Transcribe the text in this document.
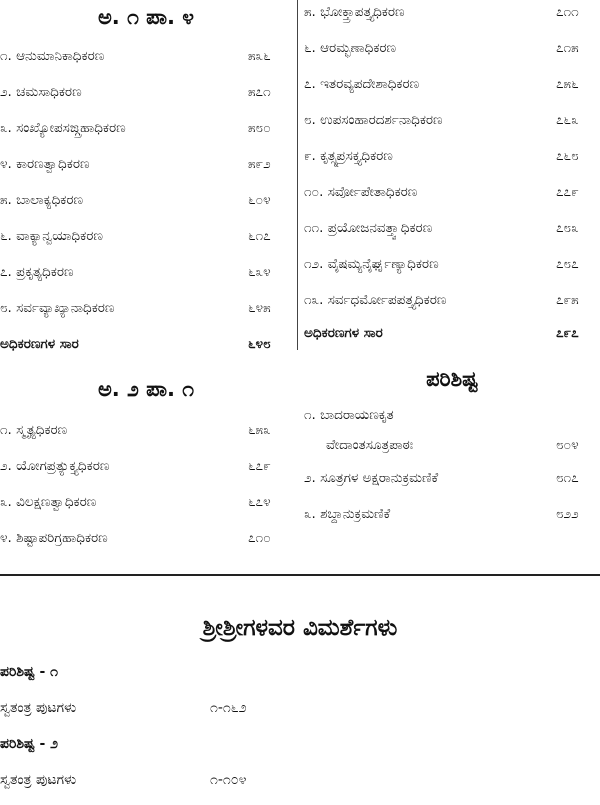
ಅ. ೧ ಪಾ. ೪
೧. ಆನುಮಾನಿಕಾಧಿಕರಣ	೫೩೬
೨. ಚಮಸಾಧಿಕರಣ	೫೭೧
೩. ಸಂಖ್ಯೋಪಸಙ್ಗ್ರಹಾಧಿಕರಣ	೫೮೦
೪. ಕಾರಣತ್ವಾಧಿಕರಣ	೫೯೨
೫. ಬಾಲಾಕ್ಯಧಿಕರಣ	೬೦೪
೬. ವಾಕ್ಯಾನ್ವಯಾಧಿಕರಣ	೬೧೭
೭. ಪ್ರಕೃತ್ಯಧಿಕರಣ	೬೩೪
೮. ಸರ್ವವ್ಯಾಖ್ಯಾನಾಧಿಕರಣ	೬೪೫
ಅಧಿಕರಣಗಳ ಸಾರ	೬೪೮
ಅ. ೨ ಪಾ. ೧
೧. ಸ್ಮೃತ್ಯಧಿಕರಣ	೬೫೩
೨. ಯೋಗಪ್ರತ್ಯುಕ್ತ್ಯಧಿಕರಣ	೬೭೯
೩. ವಿಲಕ್ಷಣತ್ವಾಧಿಕರಣ	೬೭೪
೪. ಶಿಷ್ಟಾಪರಿಗ್ರಹಾಧಿಕರಣ	೭೧೦
೫. ಭೋಕ್ತ್ರಾಪತ್ತ್ಯಧಿಕರಣ	೭೧೧
೬. ಆರಮ್ಭಣಾಧಿಕರಣ	೭೧೫
೭. ಇತರವ್ಯಪದೇಶಾಧಿಕರಣ	೭೫೬
೮. ಉಪಸಂಹಾರದರ್ಶನಾಧಿಕರಣ	೭೬೩
೯. ಕೃತ್ಸ್ನಪ್ರಸಕ್ತ್ಯಧಿಕರಣ	೭೬೮
೧೦. ಸರ್ವೋಪೇತಾಧಿಕರಣ	೭೭೯
೧೧. ಪ್ರಯೋಜನವತ್ತ್ವಾಧಿಕರಣ	೭೮೩
೧೨. ವೈಷಮ್ಯನೈರ್ಘೃಣ್ಯಾಧಿಕರಣ	೭೮೭
೧೩. ಸರ್ವಧರ್ಮೋಪಪತ್ತ್ಯಧಿಕರಣ	೭೯೫
ಅಧಿಕರಣಗಳ ಸಾರ	೭೯೭
ಪರಿಶಿಷ್ಟ
೧. ಬಾದರಾಯಣಕೃತ
ವೇದಾಂತಸೂತ್ರಪಾಠಃ	೮೦೪
೨. ಸೂತ್ರಗಳ ಅಕ್ಷರಾನುಕ್ರಮಣಿಕೆ	೮೧೭
೩. ಶಬ್ದಾನುಕ್ರಮಣಿಕೆ	೮೨೨
ಶ್ರೀಶ್ರೀಗಳವರ ವಿಮರ್ಶೆಗಳು
ಪರಿಶಿಷ್ಟ - ೧
ಸ್ವತಂತ್ರ ಪುಟಗಳು	೧-೧೬೨
ಪರಿಶಿಷ್ಟ - ೨
ಸ್ವತಂತ್ರ ಪುಟಗಳು	೧-೧೦೪
